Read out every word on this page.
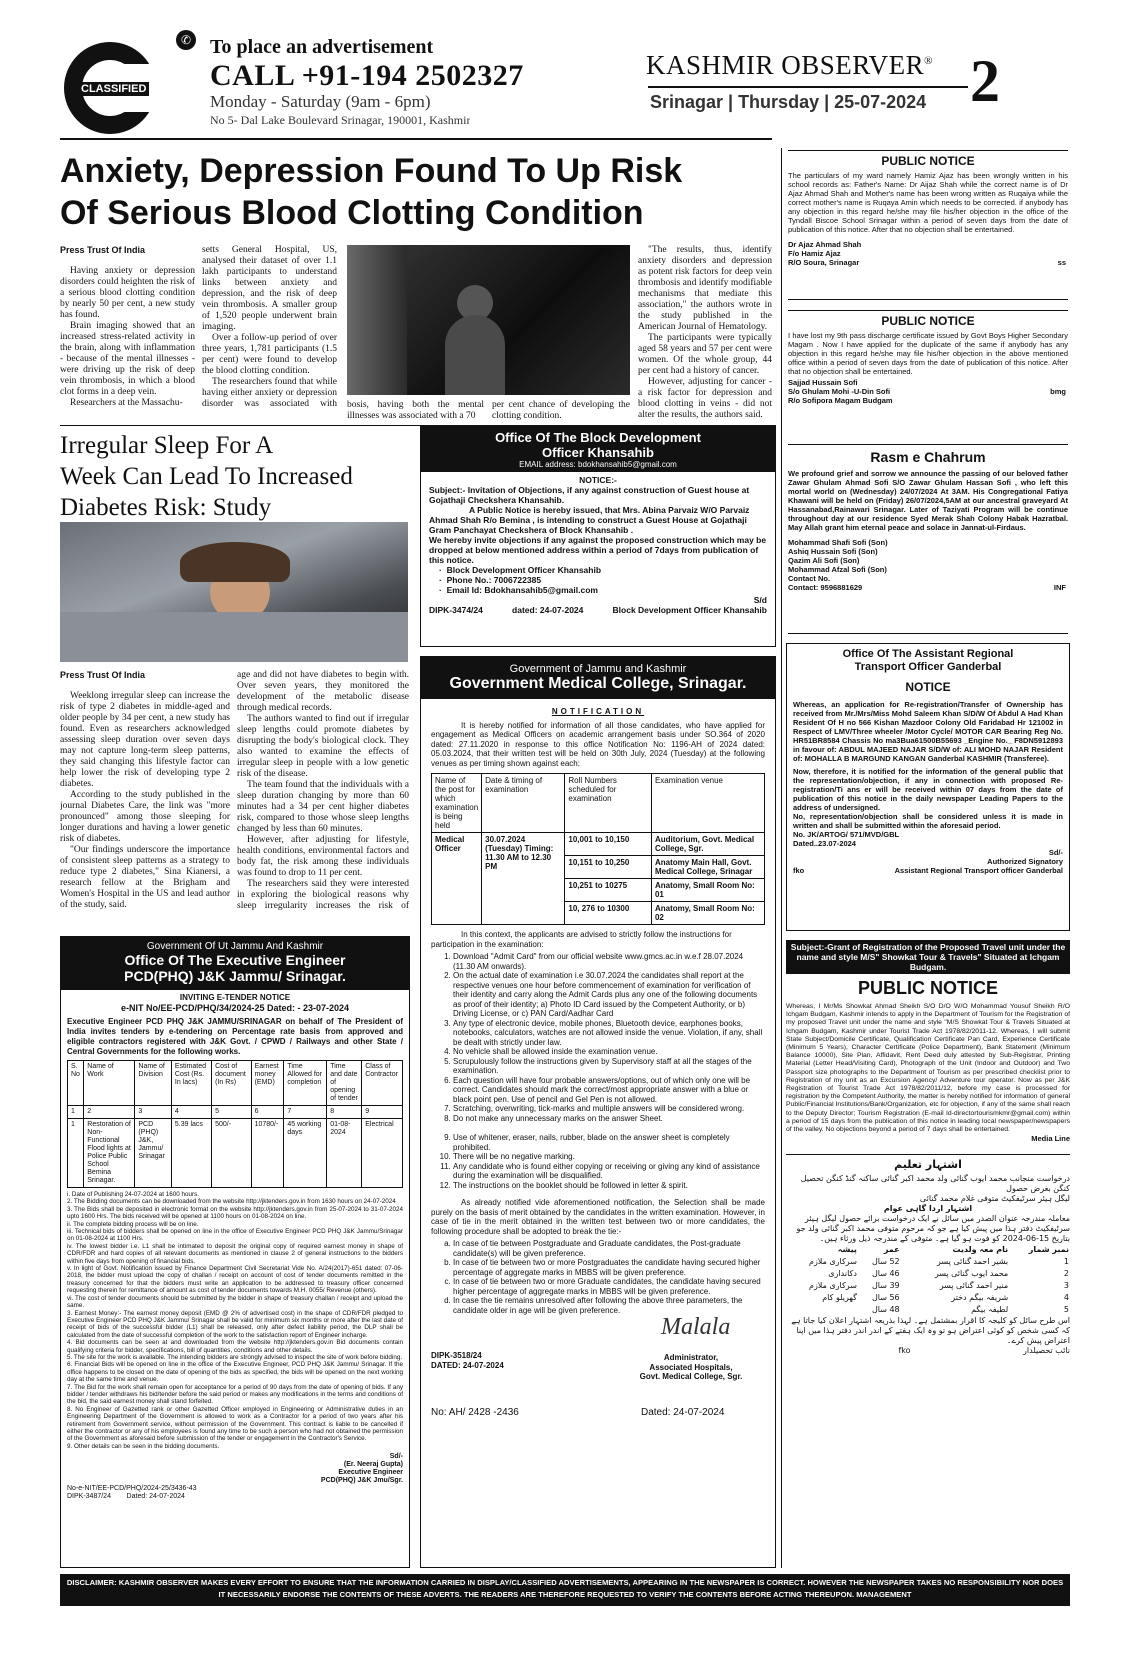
CLASSIFIED
✆ To place an advertisement
CALL +91-194 2502327
Monday - Saturday (9am - 6pm)
No 5- Dal Lake Boulevard Srinagar, 190001, Kashmir
KASHMIR OBSERVER®
Srinagar | Thursday | 25-07-2024 2
Anxiety, Depression Found To Up Risk
Of Serious Blood Clotting Condition
Press Trust Of India

Having anxiety or depression disorders could heighten the risk of a serious blood clotting condition by nearly 50 per cent, a new study has found.

Brain imaging showed that an increased stress-related activity in the brain, along with inflammation - because of the mental illnesses - were driving up the risk of deep vein thrombosis, in which a blood clot forms in a deep vein.

Researchers at the Massachu-

setts General Hospital, US, analysed their dataset of over 1.1 lakh participants to understand links between anxiety and depression, and the risk of deep vein thrombosis. A smaller group of 1,520 people underwent brain imaging.

Over a follow-up period of over three years, 1,781 participants (1.5 per cent) were found to develop the blood clotting condition.

The researchers found that while having either anxiety or depression disorder was associated with bosis, having both the mental illnesses was associated with a 70
per cent chance of developing the clotting condition.

"The results, thus, identify anxiety disorders and depression as potent risk factors for deep vein thrombosis and identify modifiable mechanisms that mediate this association," the authors wrote in the study published in the American Journal of Hematology.

The participants were typically aged 58 years and 57 per cent were women. Of the whole group, 44 per cent had a history of cancer.

However, adjusting for cancer - a risk factor for depression and blood clotting in veins - did not alter the results, the authors said.

Irregular Sleep For A
Week Can Lead To Increased
Diabetes Risk: Study
Press Trust Of India

Weeklong irregular sleep can increase the risk of type 2 diabetes in middle-aged and older people by 34 per cent, a new study has found. Even as researchers acknowledged assessing sleep duration over seven days may not capture long-term sleep patterns, they said changing this lifestyle factor can help lower the risk of developing type 2 diabetes.

According to the study published in the journal Diabetes Care, the link was "more pronounced" among those sleeping for longer durations and having a lower genetic risk of diabetes.

"Our findings underscore the importance of consistent sleep patterns as a strategy to reduce type 2 diabetes," Sina Kianersi, a research fellow at the Brigham and Women's Hospital in the US and lead author of the study, said.

age and did not have diabetes to begin with. Over seven years, they monitored the development of the metabolic disease through medical records.

The authors wanted to find out if irregular sleep lengths could promote diabetes by disrupting the body's biological clock. They also wanted to examine the effects of irregular sleep in people with a low genetic risk of the disease.

The team found that the individuals with a sleep duration changing by more than 60 minutes had a 34 per cent higher diabetes risk, compared to those whose sleep lengths changed by less than 60 minutes.

However, after adjusting for lifestyle, health conditions, environmental factors and body fat, the risk among these individuals was found to drop to 11 per cent.

The researchers said they were interested in exploring the biological reasons why sleep irregularity increases the risk of

Government Of Ut Jammu And Kashmir
Office Of The Executive Engineer
PCD(PHQ) J&K Jammu/ Srinagar.
INVITING E-TENDER NOTICE
e-NIT No/EE-PCD/PHQ/34/2024-25 Dated: - 23-07-2024
Executive Engineer PCD PHQ J&K JAMMU/SRINAGAR on behalf of The President of India invites tenders by e-tendering on Percentage rate basis from approved and eligible contractors registered with J&K Govt. / CPWD / Railways and other State / Central Governments for the following works.
S. No	Name of Work	Name of Division	Estimated Cost (Rs. In lacs)	Cost of document (In Rs)	Earnest money (EMD)	Time Allowed for completion	Time and date of opening of tender	Class of Contractor
1	2	3	4	5	6	7	8	9
1	Restoration of Non-Functional Flood lights at Police Public School Bemina Srinagar.	PCD (PHQ) J&K, Jammu/ Srinagar	5.39 lacs	500/-	10780/-	45 working days	01-08-2024	Electrical
i. Date of Publishing 24-07-2024 at 1600 hours.
2. The Bidding documents can be downloaded from the website http://jktenders.gov.in from 1630 hours on 24-07-2024
3. The Bids shall be deposited in electronic format on the website http://jktenders.gov.in from 25-07-2024 to 31-07-2024 upto 1600 Hrs. The bids received will be opened at 1100 hours on 01-08-2024 on line.
ii. The complete bidding process will be on line.
iii. Technical bids of bidders shall be opened on line in the office of Executive Engineer PCD PHQ J&K Jammu/Srinagar on 01-08-2024 at 1100 Hrs.
iv. The lowest bidder i.e. L1 shall be intimated to deposit the original copy of required earnest money in shape of CDR/FDR and hard copies of all relevant documents as mentioned in clause 2 of general instructions to the bidders within five days from opening of financial bids.
v. In light of Govt. Notification issued by Finance Department Civil Secretariat Vide No. A/24(2017)-651 dated: 07-06-2018, the bidder must upload the copy of challan / receipt on account of cost of tender documents remitted in the treasury concerned for that the bidders must write an application to be addressed to treasury officer concerned requesting therein for remittance of amount as cost of tender documents towards M.H. 0055/ Revenue (others).
vi. The cost of tender documents should be submitted by the bidder in shape of treasury challan / receipt and upload the same.
3. Earnest Money:- The earnest money deposit (EMD @ 2% of advertised cost) in the shape of CDR/FDR pledged to Executive Engineer PCD PHQ J&K Jammu/ Srinagar shall be valid for minimum six months or more after the last date of receipt of bids of the successful bidder (L1) shall be released, only after defect liability period, the DLP shall be calculated from the date of successful completion of the work to the satisfaction report of Engineer incharge.
4. Bid documents can be seen at and downloaded from the website http://jktenders.gov.in Bid documents contain qualifying criteria for bidder, specifications, bill of quantities, conditions and other details.
5. The site for the work is available. The intending bidders are strongly advised to inspect the site of work before bidding.
6. Financial Bids will be opened on line in the office of the Executive Engineer, PCD PHQ J&K Jammu/ Srinagar. If the office happens to be closed on the date of opening of the bids as specified, the bids will be opened on the next working day at the same time and venue.
7. The Bid for the work shall remain open for acceptance for a period of 90 days from the date of opening of bids. If any bidder / tender withdraws his bid/tender before the said period or makes any modifications in the terms and conditions of the bid, the said earnest money shall stand forfeited.
8. No Engineer of Gazetted rank or other Gazetted Officer employed in Engineering or Administrative duties in an Engineering Department of the Government is allowed to work as a Contractor for a period of two years after his retirement from Government service, without permission of the Government. This contract is liable to be cancelled if either the contractor or any of his employees is found any time to be such a person who had not obtained the permission of the Government as aforesaid before submission of the tender or engagement in the Contractor's Service.
9. Other details can be seen in the bidding documents.
Sd/-
(Er. Neeraj Gupta)
Executive Engineer
PCD(PHQ) J&K Jmu/Sgr.
No-e-NIT/EE-PCD/PHQ/2024-25/3436-43
DIPK-3487/24 Dated: 24-07-2024
Office Of The Block Development
Officer Khansahib
EMAIL address: bdokhansahib5@gmail.com
NOTICE:-
Subject:- Invitation of Objections, if any against construction of Guest house at Gojathaji Checkshera Khansahib.
A Public Notice is hereby issued, that Mrs. Abina Parvaiz W/O Parvaiz Ahmad Shah R/o Bemina , is intending to construct a Guest House at Gojathaji Gram Panchayat Checkshera of Block Khansahib .
We hereby invite objections if any against the proposed construction which may be dropped at below mentioned address within a period of 7days from publication of this notice.
·  Block Development Officer Khansahib
·  Phone No.: 7006722385
·  Email Id: Bdokhansahib5@gmail.com
S/d
DIPK-3474/24	dated: 24-07-2024	Block Development Officer Khansahib
Government of Jammu and Kashmir
Government Medical College, Srinagar.
NOTIFICATION
It is hereby notified for information of all those candidates, who have applied for engagement as Medical Officers on academic arrangement basis under SO.364 of 2020 dated: 27.11.2020 in response to this office Notification No: 1196-AH of 2024 dated: 05.03.2024, that their written test will be held on 30th July, 2024 (Tuesday) at the following venues as per timing shown against each:
Name of the post for which examination is being held	Date & timing of examination	Roll Numbers scheduled for examination	Examination venue
Medical Officer	30.07.2024 (Tuesday) Timing: 11.30 AM to 12.30 PM	10,001 to 10,150	Auditorium, Govt. Medical College, Sgr.
		10,151 to 10,250	Anatomy Main Hall, Govt. Medical College, Srinagar
		10,251 to 10275	Anatomy, Small Room No: 01
		10, 276 to 10300	Anatomy, Small Room No: 02
In this context, the applicants are advised to strictly follow the instructions for participation in the examination:
1. Download "Admit Card" from our official website www.gmcs.ac.in w.e.f 28.07.2024 (11.30 AM onwards).
2. On the actual date of examination i.e 30.07.2024 the candidates shall report at the respective venues one hour before commencement of examination for verification of their identity and carry along the Admit Cards plus any one of the following documents as proof of their identity; a) Photo ID Card issued by the Competent Authority, or b) Driving License, or c) PAN Card/Aadhar Card
3. Any type of electronic device, mobile phones, Bluetooth device, earphones books, notebooks, calculators, watches are not allowed inside the venue. Violation, if any, shall be dealt with strictly under law.
4. No vehicle shall be allowed inside the examination venue.
5. Scrupulously follow the instructions given by Supervisory staff at all the stages of the examination.
6. Each question will have four probable answers/options, out of which only one will be correct. Candidates should mark the correct/most appropriate answer with a blue or black point pen. Use of pencil and Gel Pen is not allowed.
7. Scratching, overwriting, tick-marks and multiple answers will be considered wrong.
8. Do not make any unnecessary marks on the answer Sheet.
9. Use of whitener, eraser, nails, rubber, blade on the answer sheet is completely prohibited.
10. There will be no negative marking.
11. Any candidate who is found either copying or receiving or giving any kind of assistance during the examination will be disqualified.
12. The instructions on the booklet should be followed in letter & spirit.
As already notified vide aforementioned notification, the Selection shall be made purely on the basis of merit obtained by the candidates in the written examination. However, in case of tie in the merit obtained in the written test between two or more candidates, the following procedure shall be adopted to break the tie:-
a. In case of tie between Postgraduate and Graduate candidates, the Post-graduate candidate(s) will be given preference.
b. In case of tie between two or more Postgraduates the candidate having secured higher percentage of aggregate marks in MBBS will be given preference.
c. In case of tie between two or more Graduate candidates, the candidate having secured higher percentage of aggregate marks in MBBS will be given preference.
d. In case the tie remains unresolved after following the above three parameters, the candidate older in age will be given preference.
DIPK-3518/24
DATED: 24-07-2024
Malala
Administrator,
Associated Hospitals,
Govt. Medical College, Sgr.
No: AH/ 2428 -2436	Dated: 24-07-2024
PUBLIC NOTICE
The particulars of my ward namely Hamiz Ajaz has been wrongly written in his school records as: Father's Name: Dr Aijaz Shah while the correct name is of Dr Ajaz Ahmad Shah and Mother's name has been wrong written as Ruqaiya while the correct mother's name is Ruqaya Amin which needs to be corrected. if anybody has any objection in this regard he/she may file his/her objection in the office of the Tyndall Biscoe School Srinagar within a period of seven days from the date of publication of this notice. After that no objection shall be entertained.
Dr Ajaz Ahmad Shah
F/o Hamiz Ajaz
R/O Soura, Srinagar	ss
PUBLIC NOTICE
I have lost my 9th pass discharge certificate issued by Govt Boys Higher Secondary Magam . Now I have applied for the duplicate of the same if anybody has any objection in this regard he/she may file his/her objection in the above mentioned office within a period of seven days from the date of publication of this notice. After that no objection shall be entertained.
Sajjad Hussain Sofi
S/o Ghulam Mohi -U-Din Sofi
R/o Sofipora Magam Budgam
bmg
Rasm e Chahrum
We profound grief and sorrow we announce the passing of our beloved father Zawar Ghulam Ahmad Sofi S/O Zawar Ghulam Hassan Sofi , who left this mortal world on (Wednesday) 24/07/2024 At 3AM. His Congregational Fatiya Khawani will be held on (Friday) 26/07/2024,5AM at our ancestral graveyard At Hassanabad,Rainawari Srinagar. Later of Taziyati Program will be continue throughout day at our residence Syed Merak Shah Colony Habak Hazratbal. May Allah grant him eternal peace and solace in Jannat-ul-Firdaus.
Mohammad Shafi Sofi (Son)
Ashiq Hussain Sofi (Son)
Qazim Ali Sofi (Son)
Mohammad Afzal Sofi (Son)
Contact No.
Contact: 9596881629	INF
Office Of The Assistant Regional
Transport Officer Ganderbal
NOTICE
Whereas, an application for Re-registration/Transfer of Ownership has received from Mr./Mrs/Miss Mohd Saleem Khan S/D/W Of Abdul A Had Khan Resident Of H no 566 Kishan Mazdoor Colony Old Faridabad Hr 121002 in Respect of LMV/Three wheeler /Motor Cycle/ MOTOR CAR Bearing Reg No. HR51BR8584 Chassis No ma3Bua61500B55693 _Engine No._ F8DN5912893 in favour of: ABDUL MAJEED NAJAR S/D/W of: ALI MOHD NAJAR Resident of: MOHALLA B MARGUND KANGAN Ganderbal KASHMIR (Transferee).
Now, therefore, it is notified for the information of the general public that the representation/objection, if any in connection with proposed Re-registration/Ti ans er will be received within 07 days from the date of publication of this notice in the daily newspaper Leading Papers to the address of undersigned.
No, representation/objection shall be considered unless it is made in written and shall be submitted within the aforesaid period.
No. JK/ARTOG/ 571/MVD/GBL
Dated..23.07-2024
Sd/-
Authorized Signatory
fko	Assistant Regional Transport officer Ganderbal
Subject:-Grant of Registration of the Proposed Travel unit under the name and style M/S" Showkat Tour & Travels" Situated at Ichgam Budgam.
PUBLIC NOTICE
Whereas, I Mr/Ms Showkat Ahmad Sheikh S/O D/O W/O Mohammad Yousuf Sheikh R/O Ichgam Budgam, Kashmir intends to apply in the Department of Tourism for the Registration of my proposed Travel unit under the name and style "M/S Showkat Tour & Travels Situated at Ichgam Budgam, Kashmir under Tourist Trade Act 1978/82/2011-12. Whereas, I will submit State Subject/Domicile Certificate, Qualification Certificate Pan Card, Experience Certificate (Minimum 5 Years), Character Certificate (Police Department), Bank Statement (Minimum Balance 10000), Site Plan, Affidavit, Rent Deed duly attested by Sub-Registrar, Printing Material (Letter Head/Visiting Card), Photograph of the Unit (Indoor and Outdoor) and Two Passport size photographs to the Department of Tourism as per prescribed checklist prior to Registration of my unit as an Excursion Agency/ Adventure tour operator. Now as per J&K Registration of Tourist Trade Act 1978/82/2011/12, before my case is processed for registration by the Competent Authority, the matter is hereby notified for information of general Public/Financial Institutions/Bank/Organization, etc for objection, if any of the same shall reach to the Deputy Director; Tourism Registration (E-mail Id-directortourismkmr@gmail.com) within a period of 15 days from the publication of this notice in leading local newspaper/newspapers of the valley. No objections beyond a period of 7 days shall be entertained.
Media Line
اشتہار تعلیم
درخواست منجانب محمد ایوب گنائی ولد محمد اکبر گنائی ساکنہ گنڈ کنگن تحصیل کنگن بغرض حصول
لیگل ہیئر سرٹیفکیٹ متوفی غلام محمد گنائی
اشتہار اردا گاہی عوام
معاملہ مندرجہ عنوان الصدر میں سائل نے ایک درخواست برائے حصول لیگل ہیئر سرٹیفکیٹ دفتر ہذا میں پیش کیا ہے جو کہ مرحوم متوفی محمد اکبر گنائی ولد جو بتاریخ 15-06-2024 کو فوت ہو گیا ہے۔ متوفی کے مندرجہ ذیل ورثاء ہیں۔
نمبر شمار	نام معہ ولدیت	عمر	پیشہ
1	بشیر احمد گنائی پسر	52 سال	سرکاری ملازم
2	محمد ایوب گنائی پسر	46 سال	دکانداری
3	منیر احمد گنائی پسر	39 سال	سرکاری ملازم
4	شریفہ بیگم دختر	56 سال	گھریلو کام
5	لطیفہ بیگم	48 سال	
اس طرح سائل کو کلیجہ کا اقرار بمشتمل ہے۔ لہذا بذریعہ اشتہار اعلان کیا جاتا ہے کہ کسی شخص کو کوئی اعتراض ہو تو وہ ایک ہفتے کے اندر اندر دفتر ہذا میں اپنا اعتراض پیش کرے۔
fko	نائب تحصیلدار
DISCLAIMER: KASHMIR OBSERVER MAKES EVERY EFFORT TO ENSURE THAT THE INFORMATION CARRIED IN DISPLAY/CLASSIFIED ADVERTISEMENTS, APPEARING IN THE NEWSPAPER IS CORRECT. HOWEVER THE NEWSPAPER TAKES NO RESPONSIBILITY NOR DOES IT NECESSARILY ENDORSE THE CONTENTS OF THESE ADVERTS. THE READERS ARE THEREFORE REQUESTED TO VERIFY THE CONTENTS BEFORE ACTING THEREUPON. MANAGEMENT
